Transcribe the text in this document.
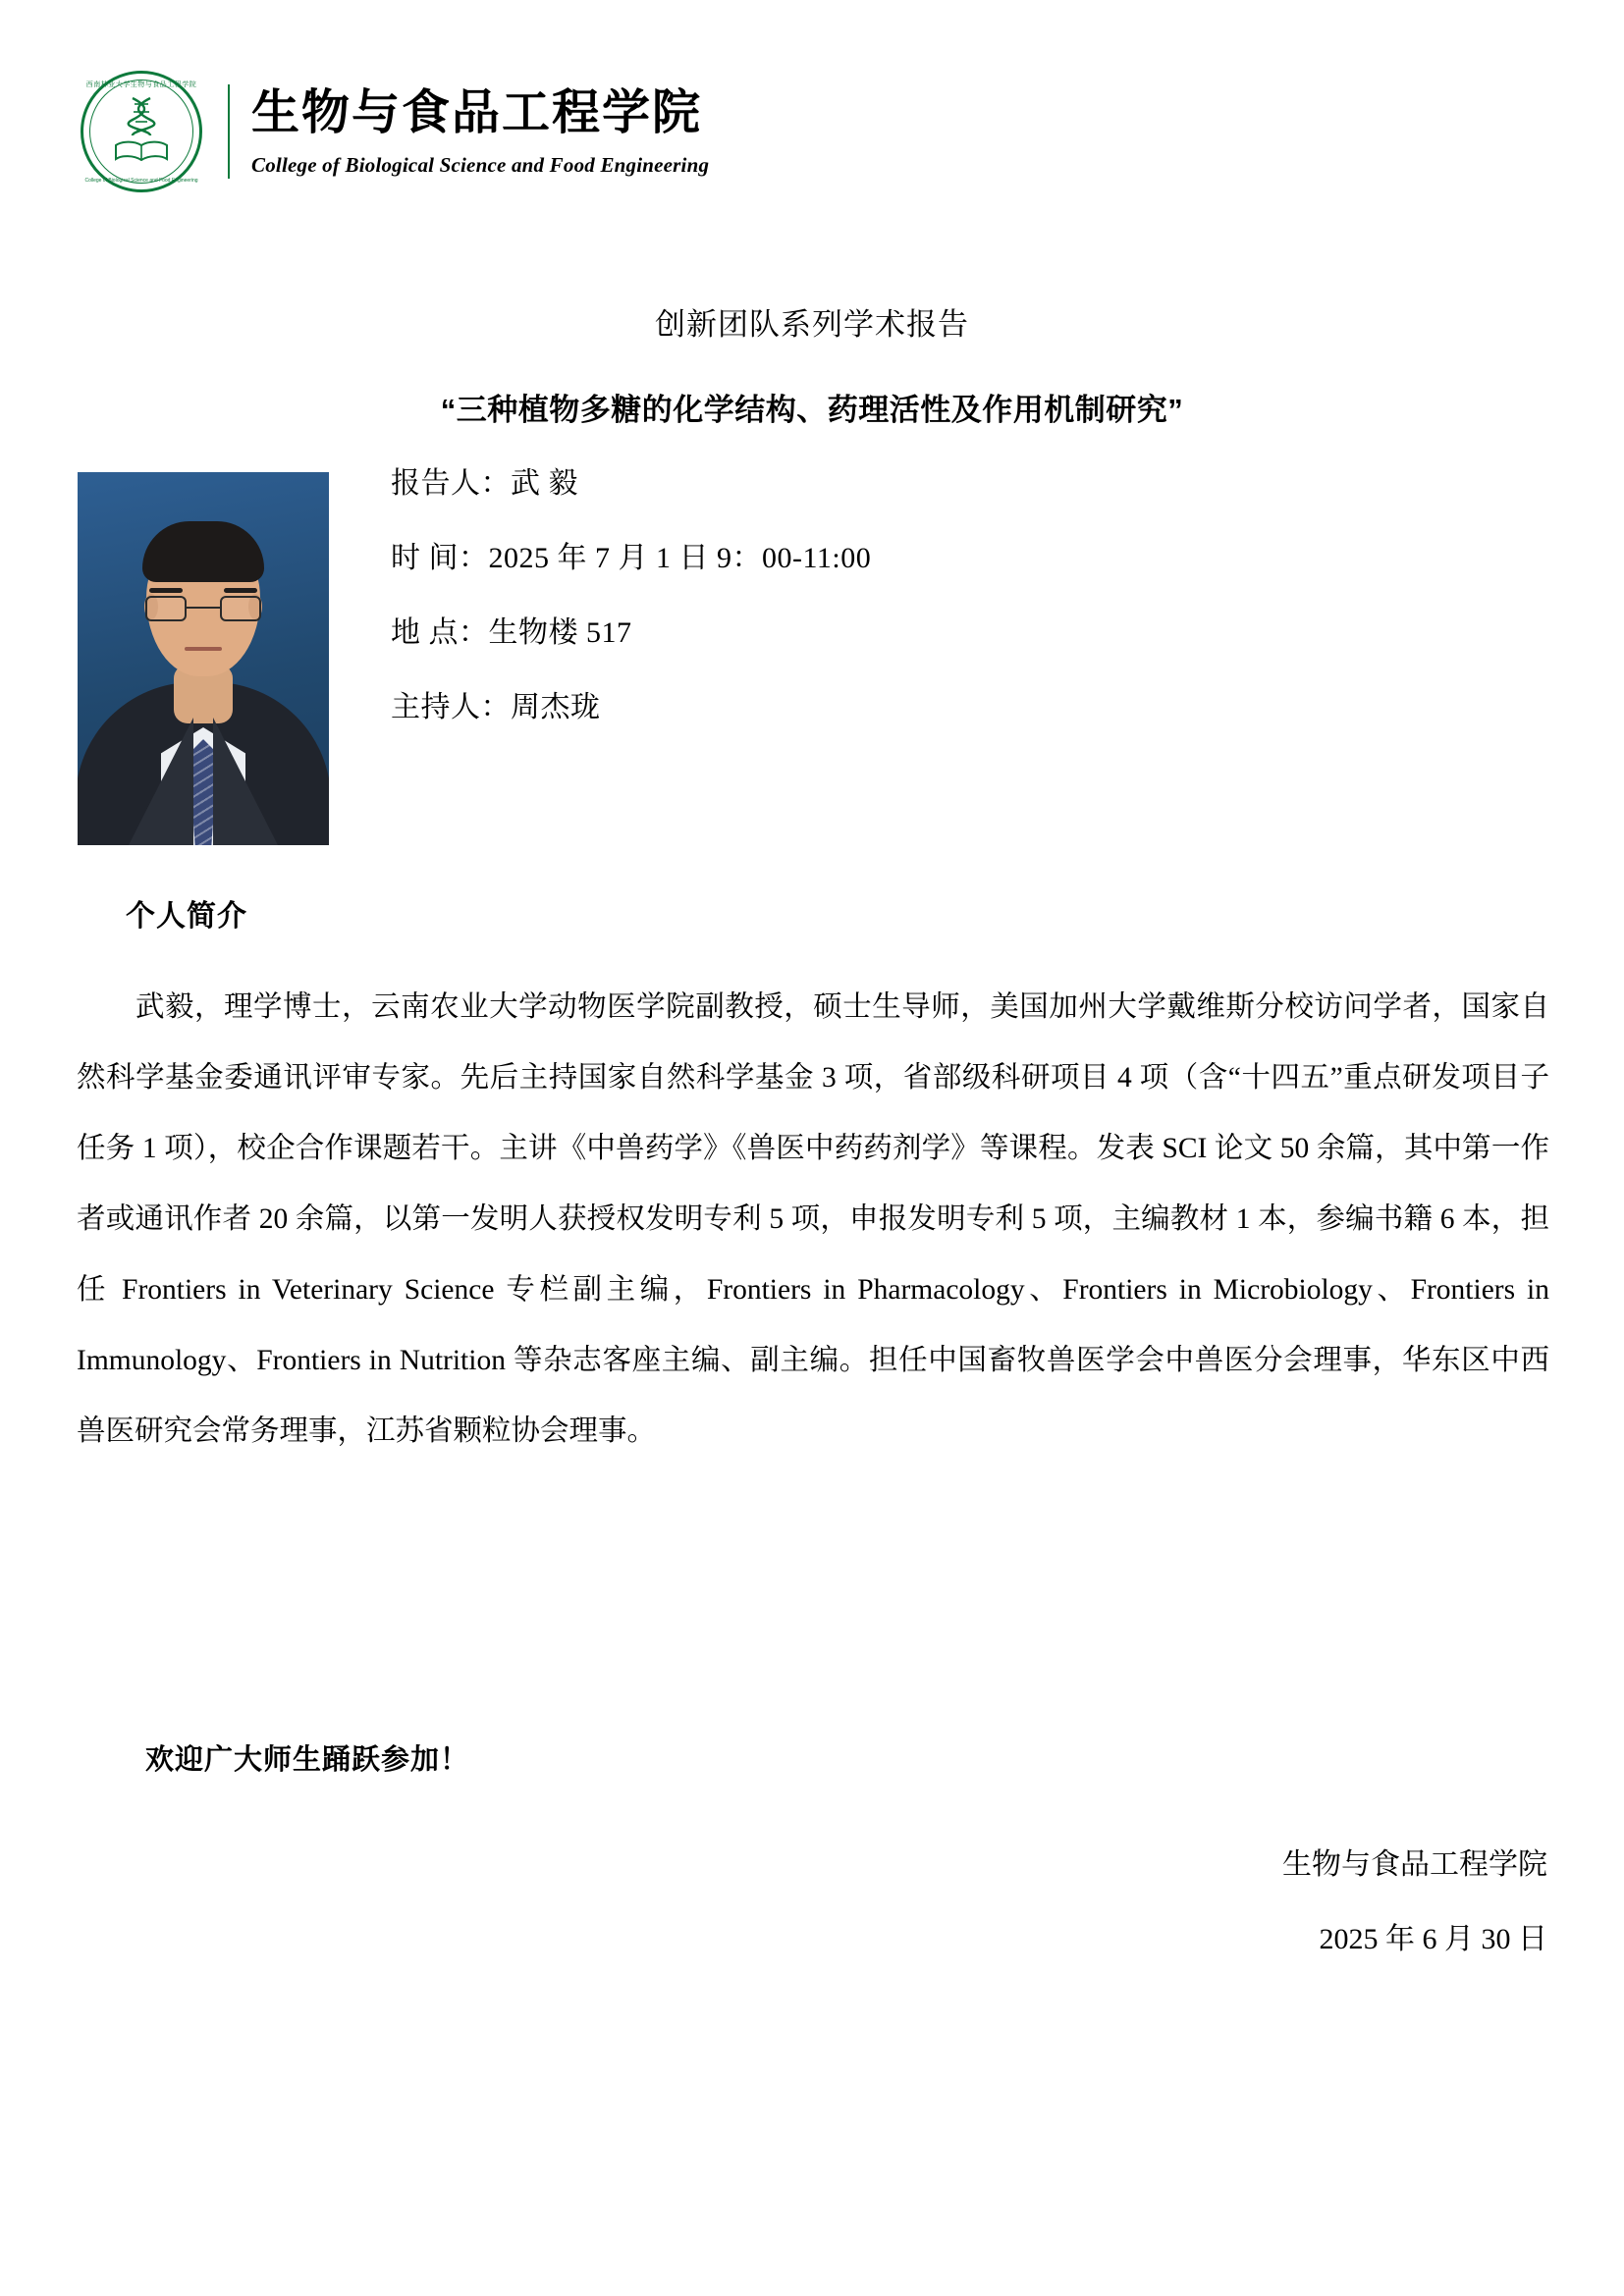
西南林业大学生物与食品工程学院
College of Biological Science and Food Engineering
生物与食品工程学院
College of Biological Science and Food Engineering
创新团队系列学术报告
“三种植物多糖的化学结构、药理活性及作用机制研究”
报告人：武 毅
时 间：2025 年 7 月 1 日 9：00-11:00
地 点：生物楼 517
主持人：周杰珑
个人简介
武毅，理学博士，云南农业大学动物医学院副教授，硕士生导师，美国加州大学戴维斯分校访问学者，国家自然科学基金委通讯评审专家。先后主持国家自然科学基金 3 项，省部级科研项目 4 项（含“十四五”重点研发项目子任务 1 项），校企合作课题若干。主讲《中兽药学》《兽医中药药剂学》等课程。发表 SCI 论文 50 余篇，其中第一作者或通讯作者 20 余篇，以第一发明人获授权发明专利 5 项，申报发明专利 5 项，主编教材 1 本，参编书籍 6 本，担任 Frontiers in Veterinary Science 专栏副主编，Frontiers in Pharmacology、Frontiers in Microbiology、Frontiers in Immunology、Frontiers in Nutrition 等杂志客座主编、副主编。担任中国畜牧兽医学会中兽医分会理事，华东区中西兽医研究会常务理事，江苏省颗粒协会理事。
欢迎广大师生踊跃参加！
生物与食品工程学院
2025 年 6 月 30 日
